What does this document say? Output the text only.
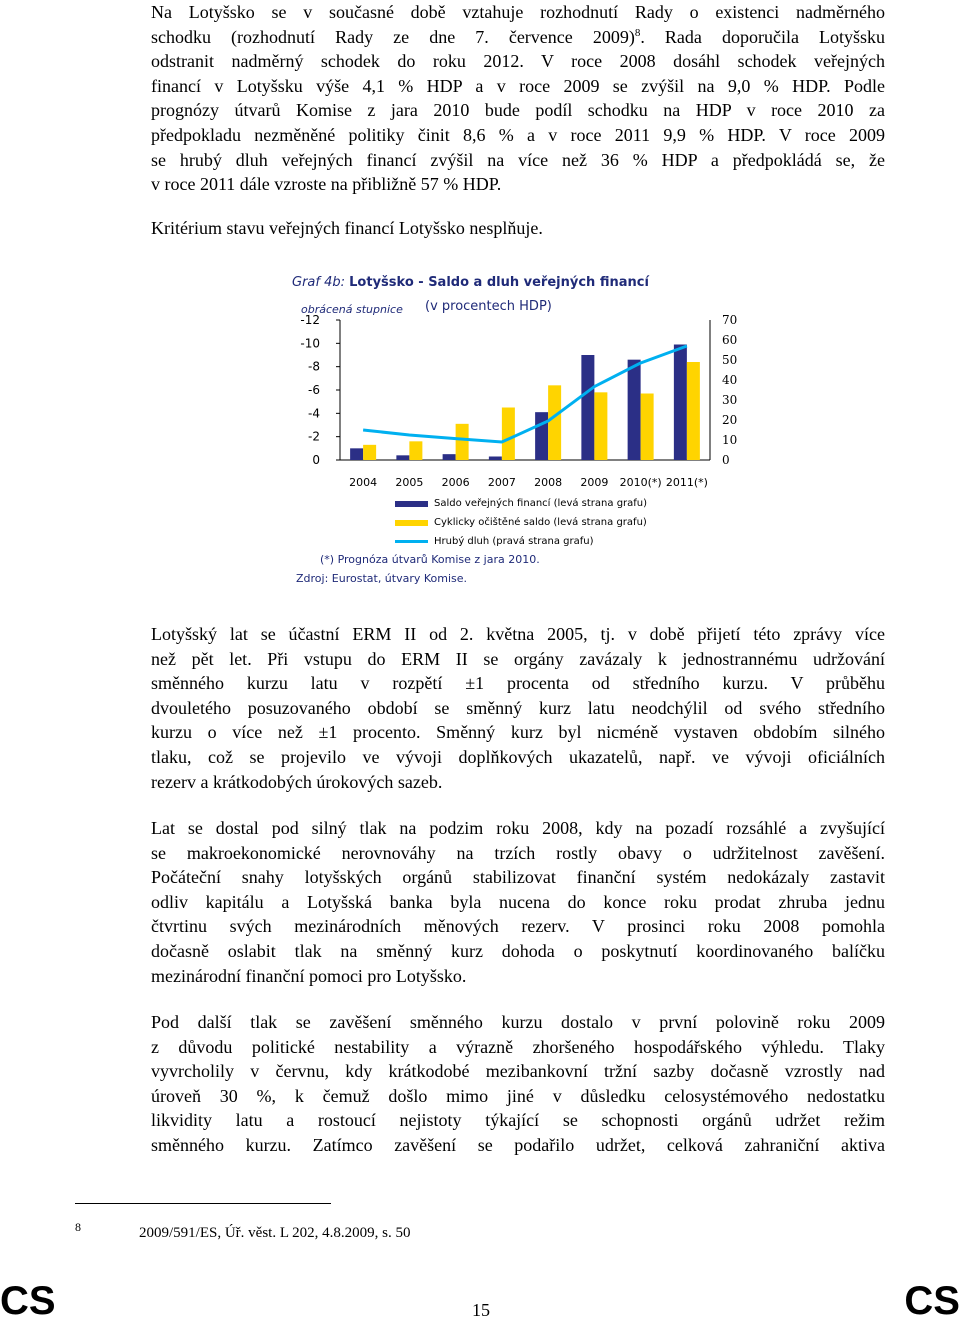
Na Lotyšsko se v současné době vztahuje rozhodnutí Rady o existenci nadměrného
schodku (rozhodnutí Rady ze dne 7. července 2009)$^8$. Rada doporučila Lotyšsku
odstranit nadměrný schodek do roku 2012. V roce 2008 dosáhl schodek veřejných
financí v Lotyšsku výše 4,1 % HDP a v roce 2009 se zvýšil na 9,0 % HDP. Podle
prognózy útvarů Komise z jara 2010 bude podíl schodku na HDP v roce 2010 za
předpokladu nezměněné politiky činit 8,6 % a v roce 2011 9,9 % HDP. V roce 2009
se hrubý dluh veřejných financí zvýšil na více než 36 % HDP a předpokládá se, že
v roce 2011 dále vzroste na přibližně 57 % HDP.
Kritérium stavu veřejných financí Lotyšsko nesplňuje.
Graf 4b: Lotyšsko - Saldo a dluh veřejných financí
obrácená stupnice (v procentech HDP)
-12
-10
-8
-6
-4
-2
0
70
60
50
40
30
20
10
0
2004 2005 2006 2007 2008 2009 2010(*) 2011(*)
Saldo veřejných financí (levá strana grafu)
Cyklicky očištěné saldo (levá strana grafu)
Hrubý dluh (pravá strana grafu)
(*) Prognóza útvarů Komise z jara 2010.
Zdroj: Eurostat, útvary Komise.
Lotyšský lat se účastní ERM II od 2. května 2005, tj. v době přijetí této zprávy více
než pět let. Při vstupu do ERM II se orgány zavázaly k jednostrannému udržování
směnného kurzu latu v rozpětí ±1 procenta od středního kurzu. V průběhu
dvouletého posuzovaného období se směnný kurz latu neodchýlil od svého středního
kurzu o více než ±1 procento. Směnný kurz byl nicméně vystaven obdobím silného
tlaku, což se projevilo ve vývoji doplňkových ukazatelů, např. ve vývoji oficiálních
rezerv a krátkodobých úrokových sazeb.
Lat se dostal pod silný tlak na podzim roku 2008, kdy na pozadí rozsáhlé a zvyšující
se makroekonomické nerovnováhy na trzích rostly obavy o udržitelnost zavěšení.
Počáteční snahy lotyšských orgánů stabilizovat finanční systém nedokázaly zastavit
odliv kapitálu a Lotyšská banka byla nucena do konce roku prodat zhruba jednu
čtvrtinu svých mezinárodních měnových rezerv. V prosinci roku 2008 pomohla
dočasně oslabit tlak na směnný kurz dohoda o poskytnutí koordinovaného balíčku
mezinárodní finanční pomoci pro Lotyšsko.
Pod další tlak se zavěšení směnného kurzu dostalo v první polovině roku 2009
z důvodu politické nestability a výrazně zhoršeného hospodářského výhledu. Tlaky
vyvrcholily v červnu, kdy krátkodobé mezibankovní tržní sazby dočasně vzrostly nad
úroveň 30 %, k čemuž došlo mimo jiné v důsledku celosystémového nedostatku
likvidity latu a rostoucí nejistoty týkající se schopnosti orgánů udržet režim
směnného kurzu. Zatímco zavěšení se podařilo udržet, celková zahraniční aktiva
8	2009/591/ES, Úř. věst. L 202, 4.8.2009, s. 50
CS	15	CS
